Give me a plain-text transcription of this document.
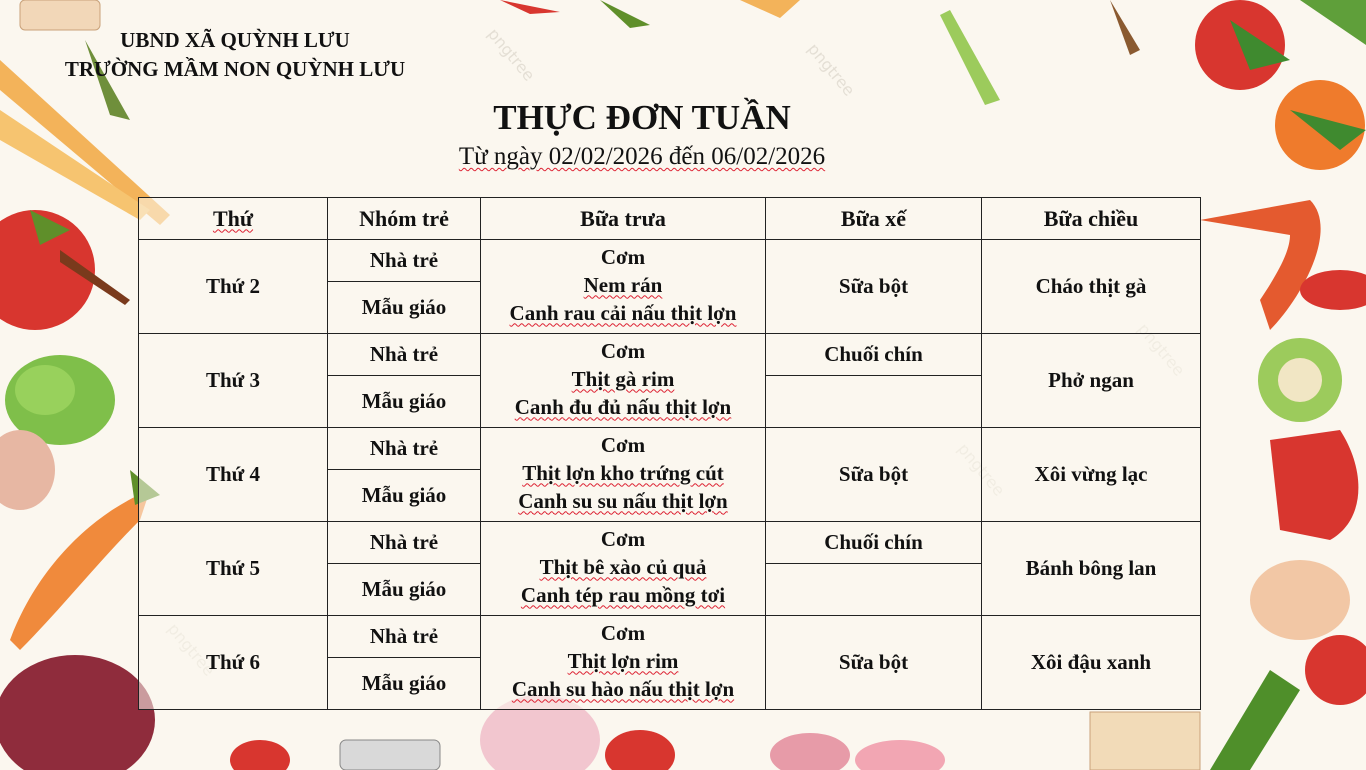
pngtree
pngtree
UBND XÃ QUỲNH LƯU
TRƯỜNG MẦM NON QUỲNH LƯU
THỰC ĐƠN TUẦN
Từ ngày 02/02/2026 đến 06/02/2026
Thứ	Nhóm trẻ	Bữa trưa	Bữa xế	Bữa chiều
Thứ 2	Nhà trẻ	Cơm
Nem rán
Canh rau cải nấu thịt lợn	Sữa bột	Cháo thịt gà
	Mẫu giáo			
Thứ 3	Nhà trẻ	Cơm
Thịt gà rim
Canh đu đủ nấu thịt lợn	Chuối chín	Phở ngan
	Mẫu giáo			
Thứ 4	Nhà trẻ	Cơm
Thịt lợn kho trứng cút
Canh su su nấu thịt lợn	Sữa bột	Xôi vừng lạc
	Mẫu giáo			
Thứ 5	Nhà trẻ	Cơm
Thịt bê xào củ quả
Canh tép rau mồng tơi	Chuối chín	Bánh bông lan
	Mẫu giáo			
Thứ 6	Nhà trẻ	Cơm
Thịt lợn rim
Canh su hào nấu thịt lợn	Sữa bột	Xôi đậu xanh
	Mẫu giáo			
